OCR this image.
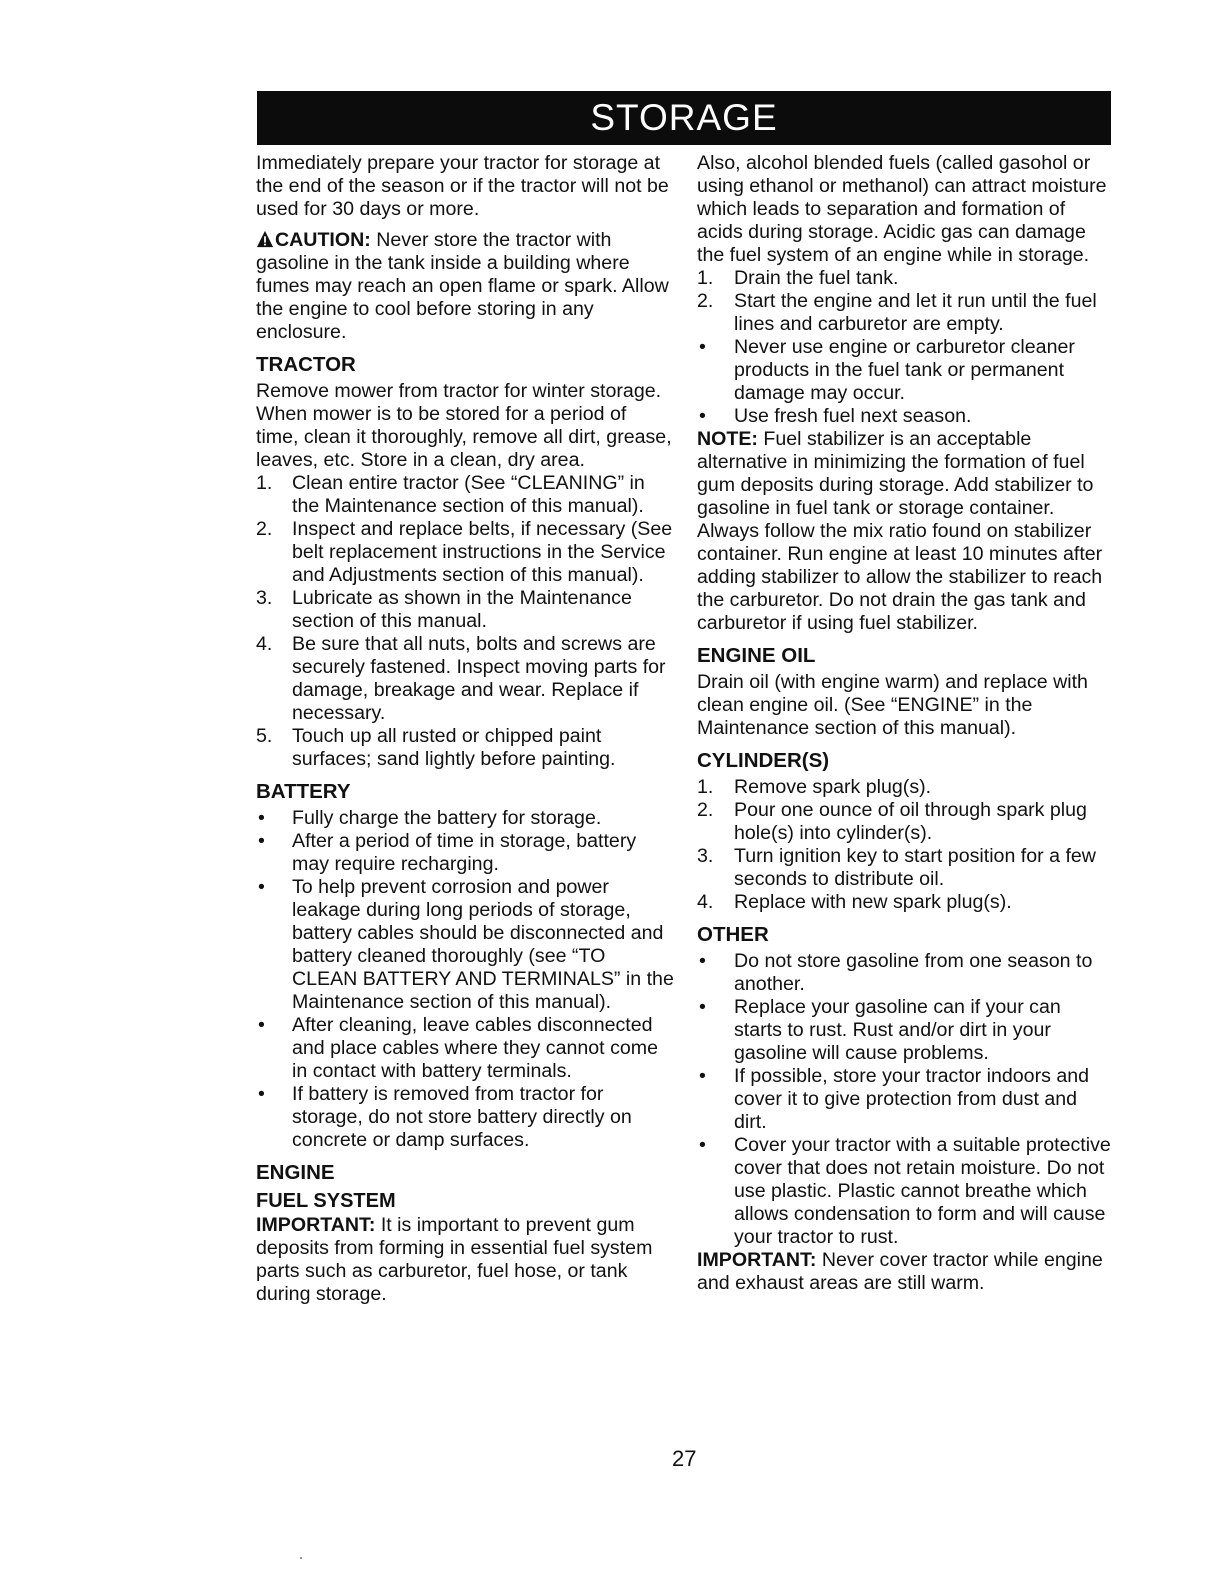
STORAGE

Immediately prepare your tractor for storage at the end of the season or if the tractor will not be used for 30 days or more.

CAUTION: Never store the tractor with gasoline in the tank inside a building where fumes may reach an open flame or spark. Allow the engine to cool before storing in any enclosure.

TRACTOR

Remove mower from tractor for winter storage. When mower is to be stored for a period of time, clean it thoroughly, remove all dirt, grease, leaves, etc. Store in a clean, dry area.

1. Clean entire tractor (See “CLEANING” in the Maintenance section of this manual).
2. Inspect and replace belts, if necessary (See belt replacement instructions in the Service and Adjustments section of this manual).
3. Lubricate as shown in the Maintenance section of this manual.
4. Be sure that all nuts, bolts and screws are securely fastened. Inspect moving parts for damage, breakage and wear. Replace if necessary.
5. Touch up all rusted or chipped paint surfaces; sand lightly before painting.
BATTERY
• Fully charge the battery for storage.
• After a period of time in storage, battery may require recharging.
• To help prevent corrosion and power leakage during long periods of storage, battery cables should be disconnected and battery cleaned thoroughly (see “TO CLEAN BATTERY AND TERMINALS” in the Maintenance section of this manual).
• After cleaning, leave cables disconnected and place cables where they cannot come in contact with battery terminals.
• If battery is removed from tractor for storage, do not store battery directly on concrete or damp surfaces.
ENGINE
FUEL SYSTEM

IMPORTANT: It is important to prevent gum deposits from forming in essential fuel system parts such as carburetor, fuel hose, or tank during storage.

Also, alcohol blended fuels (called gasohol or using ethanol or methanol) can attract moisture which leads to separation and formation of acids during storage. Acidic gas can damage the fuel system of an engine while in storage.

1. Drain the fuel tank.
2. Start the engine and let it run until the fuel lines and carburetor are empty.
• Never use engine or carburetor cleaner products in the fuel tank or permanent damage may occur.
• Use fresh fuel next season.

NOTE: Fuel stabilizer is an acceptable alternative in minimizing the formation of fuel gum deposits during storage. Add stabilizer to gasoline in fuel tank or storage container. Always follow the mix ratio found on stabilizer container. Run engine at least 10 minutes after adding stabilizer to allow the stabilizer to reach the carburetor. Do not drain the gas tank and carburetor if using fuel stabilizer.

ENGINE OIL

Drain oil (with engine warm) and replace with clean engine oil. (See “ENGINE” in the Maintenance section of this manual).

CYLINDER(S)
1. Remove spark plug(s).
2. Pour one ounce of oil through spark plug hole(s) into cylinder(s).
3. Turn ignition key to start position for a few seconds to distribute oil.
4. Replace with new spark plug(s).
OTHER
• Do not store gasoline from one season to another.
• Replace your gasoline can if your can starts to rust. Rust and/or dirt in your gasoline will cause problems.
• If possible, store your tractor indoors and cover it to give protection from dust and dirt.
• Cover your tractor with a suitable protective cover that does not retain moisture. Do not use plastic. Plastic cannot breathe which allows condensation to form and will cause your tractor to rust.

IMPORTANT: Never cover tractor while engine and exhaust areas are still warm.

27
